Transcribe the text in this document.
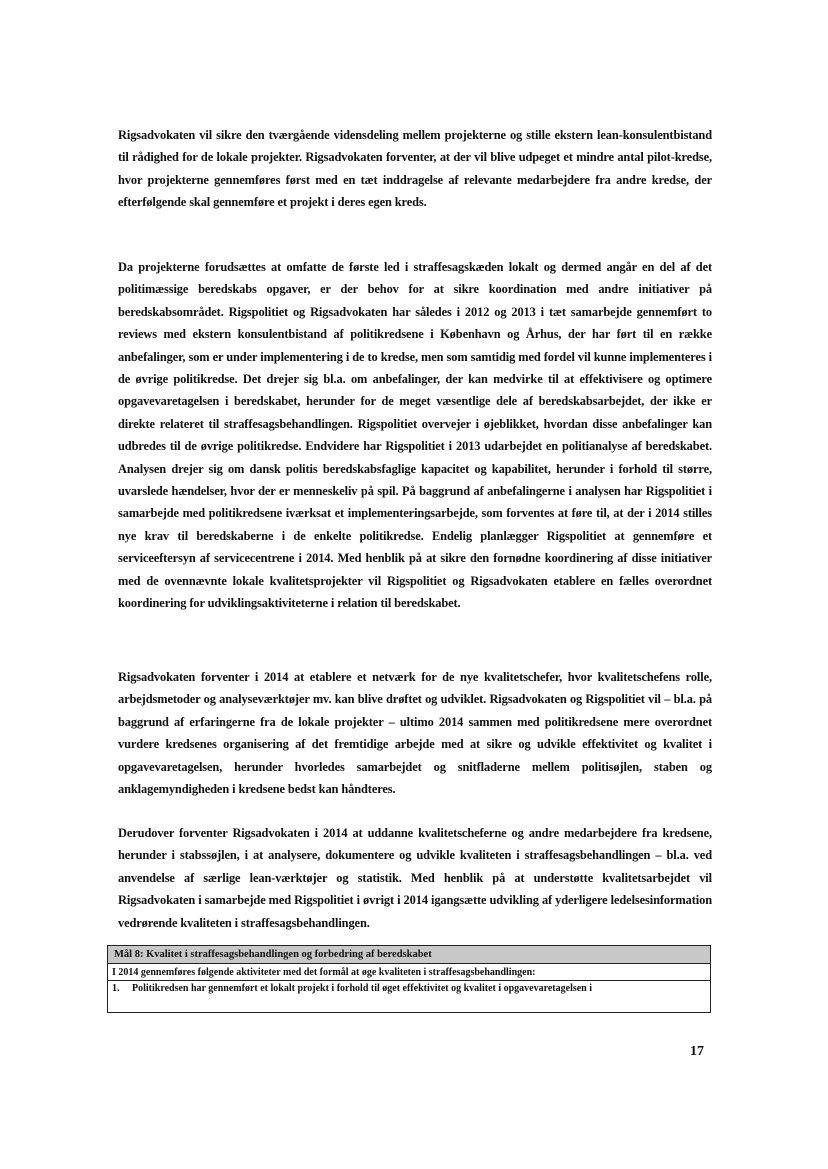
Rigsadvokaten vil sikre den tværgående vidensdeling mellem projekterne og stille ekstern lean-konsulentbistand til rådighed for de lokale projekter. Rigsadvokaten forventer, at der vil blive udpeget et mindre antal pilot-kredse, hvor projekterne gennemføres først med en tæt inddragelse af relevante medarbejdere fra andre kredse, der efterfølgende skal gennemføre et projekt i deres egen kreds.

Da projekterne forudsættes at omfatte de første led i straffesagskæden lokalt og dermed angår en del af det politimæssige beredskabs opgaver, er der behov for at sikre koordination med andre initiativer på beredskabsområdet. Rigspolitiet og Rigsadvokaten har således i 2012 og 2013 i tæt samarbejde gennemført to reviews med ekstern konsulentbistand af politikredsene i København og Århus, der har ført til en række anbefalinger, som er under implementering i de to kredse, men som samtidig med fordel vil kunne implementeres i de øvrige politikredse. Det drejer sig bl.a. om anbefalinger, der kan medvirke til at effektivisere og optimere opgavevaretagelsen i beredskabet, herunder for de meget væsentlige dele af beredskabsarbejdet, der ikke er direkte relateret til straffesagsbehandlingen. Rigspolitiet overvejer i øjeblikket, hvordan disse anbefalinger kan udbredes til de øvrige politikredse. Endvidere har Rigspolitiet i 2013 udarbejdet en politianalyse af beredskabet. Analysen drejer sig om dansk politis beredskabsfaglige kapacitet og kapabilitet, herunder i forhold til større, uvarslede hændelser, hvor der er menneskeliv på spil. På baggrund af anbefalingerne i analysen har Rigspolitiet i samarbejde med politikredsene iværksat et implementeringsarbejde, som forventes at føre til, at der i 2014 stilles nye krav til beredskaberne i de enkelte politikredse. Endelig planlægger Rigspolitiet at gennemføre et serviceeftersyn af servicecentrene i 2014. Med henblik på at sikre den fornødne koordinering af disse initiativer med de ovennævnte lokale kvalitetsprojekter vil Rigspolitiet og Rigsadvokaten etablere en fælles overordnet koordinering for udviklingsaktiviteterne i relation til beredskabet.

Rigsadvokaten forventer i 2014 at etablere et netværk for de nye kvalitetschefer, hvor kvalitetschefens rolle, arbejdsmetoder og analyseværktøjer mv. kan blive drøftet og udviklet. Rigsadvokaten og Rigspolitiet vil – bl.a. på baggrund af erfaringerne fra de lokale projekter – ultimo 2014 sammen med politikredsene mere overordnet vurdere kredsenes organisering af det fremtidige arbejde med at sikre og udvikle effektivitet og kvalitet i opgavevaretagelsen, herunder hvorledes samarbejdet og snitfladerne mellem politisøjlen, staben og anklagemyndigheden i kredsene bedst kan håndteres.

Derudover forventer Rigsadvokaten i 2014 at uddanne kvalitetscheferne og andre medarbejdere fra kredsene, herunder i stabssøjlen, i at analysere, dokumentere og udvikle kvaliteten i straffesagsbehandlingen – bl.a. ved anvendelse af særlige lean-værktøjer og statistik. Med henblik på at understøtte kvalitetsarbejdet vil Rigsadvokaten i samarbejde med Rigspolitiet i øvrigt i 2014 igangsætte udvikling af yderligere ledelsesinformation vedrørende kvaliteten i straffesagsbehandlingen.

Mål 8: Kvalitet i straffesagsbehandlingen og forbedring af beredskabet
I 2014 gennemføres følgende aktiviteter med det formål at øge kvaliteten i straffesagsbehandlingen:
1. Politikredsen har gennemført et lokalt projekt i forhold til øget effektivitet og kvalitet i opgavevaretagelsen i
17
